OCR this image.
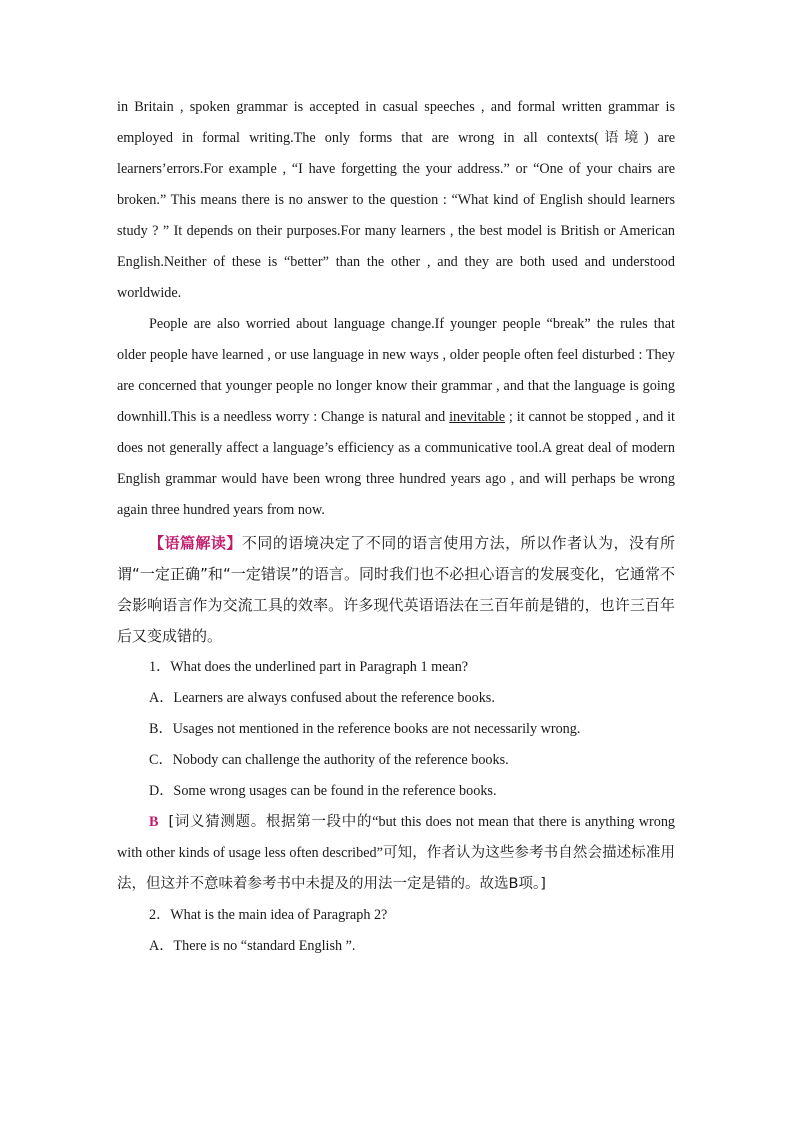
in Britain , spoken grammar is accepted in casual speeches , and formal written grammar is employed in formal writing.The only forms that are wrong in all contexts(语境) are learners’errors.For example , “I have forgetting the your address.” or “One of your chairs are broken.” This means there is no answer to the question : “What kind of English should learners study ? ” It depends on their purposes.For many learners , the best model is British or American English.Neither of these is “better” than the other , and they are both used and understood worldwide.

People are also worried about language change.If younger people “break” the rules that older people have learned , or use language in new ways , older people often feel disturbed : They are concerned that younger people no longer know their grammar , and that the language is going downhill.This is a needless worry : Change is natural and inevitable ; it cannot be stopped , and it does not generally affect a language’s efficiency as a communicative tool.A great deal of modern English grammar would have been wrong three hundred years ago , and will perhaps be wrong again three hundred years from now.

【语篇解读】不同的语境决定了不同的语言使用方法，所以作者认为，没有所谓“一定正确”和“一定错误”的语言。同时我们也不必担心语言的发展变化，它通常不会影响语言作为交流工具的效率。许多现代英语语法在三百年前是错的，也许三百年后又变成错的。

1．What does the underlined part in Paragraph 1 mean?

A．Learners are always confused about the reference books.

B．Usages not mentioned in the reference books are not necessarily wrong.

C．Nobody can challenge the authority of the reference books.

D．Some wrong usages can be found in the reference books.

B [词义猜测题。根据第一段中的“but this does not mean that there is anything wrong with other kinds of usage less often described”可知，作者认为这些参考书自然会描述标准用法，但这并不意味着参考书中未提及的用法一定是错的。故选B项。]

2．What is the main idea of Paragraph 2?

A．There is no “standard English ”.
